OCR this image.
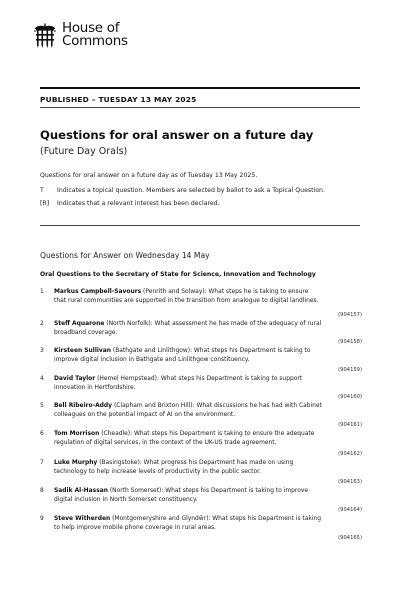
House of
Commons
PUBLISHED – TUESDAY 13 MAY 2025
Questions for oral answer on a future day
(Future Day Orals)
Questions for oral answer on a future day as of Tuesday 13 May 2025.
T	Indicates a topical question. Members are selected by ballot to ask a Topical Question.
[R]	Indicates that a relevant interest has been declared.
Questions for Answer on Wednesday 14 May
Oral Questions to the Secretary of State for Science, Innovation and Technology
1	Markus Campbell-Savours (Penrith and Solway): What steps he is taking to ensure that rural communities are supported in the transition from analogue to digital landlines.
(904157)
2	Steff Aquarone (North Norfolk): What assessment he has made of the adequacy of rural broadband coverage.
(904158)
3	Kirsteen Sullivan (Bathgate and Linlithgow): What steps his Department is taking to improve digital inclusion in Bathgate and Linlithgow constituency.
(904159)
4	David Taylor (Hemel Hempstead): What steps his Department is taking to support innovation in Hertfordshire.
(904160)
5	Bell Ribeiro-Addy (Clapham and Brixton Hill): What discussions he has had with Cabinet colleagues on the potential impact of AI on the environment.
(904161)
6	Tom Morrison (Cheadle): What steps his Department is taking to ensure the adequate regulation of digital services, in the context of the UK-US trade agreement.
(904162)
7	Luke Murphy (Basingstoke): What progress his Department has made on using technology to help increase levels of productivity in the public sector.
(904163)
8	Sadik Al-Hassan (North Somerset): What steps his Department is taking to improve digital inclusion in North Somerset constituency.
(904164)
9	Steve Witherden (Montgomeryshire and Glyndŵr): What steps his Department is taking to help improve mobile phone coverage in rural areas.
(904165)
